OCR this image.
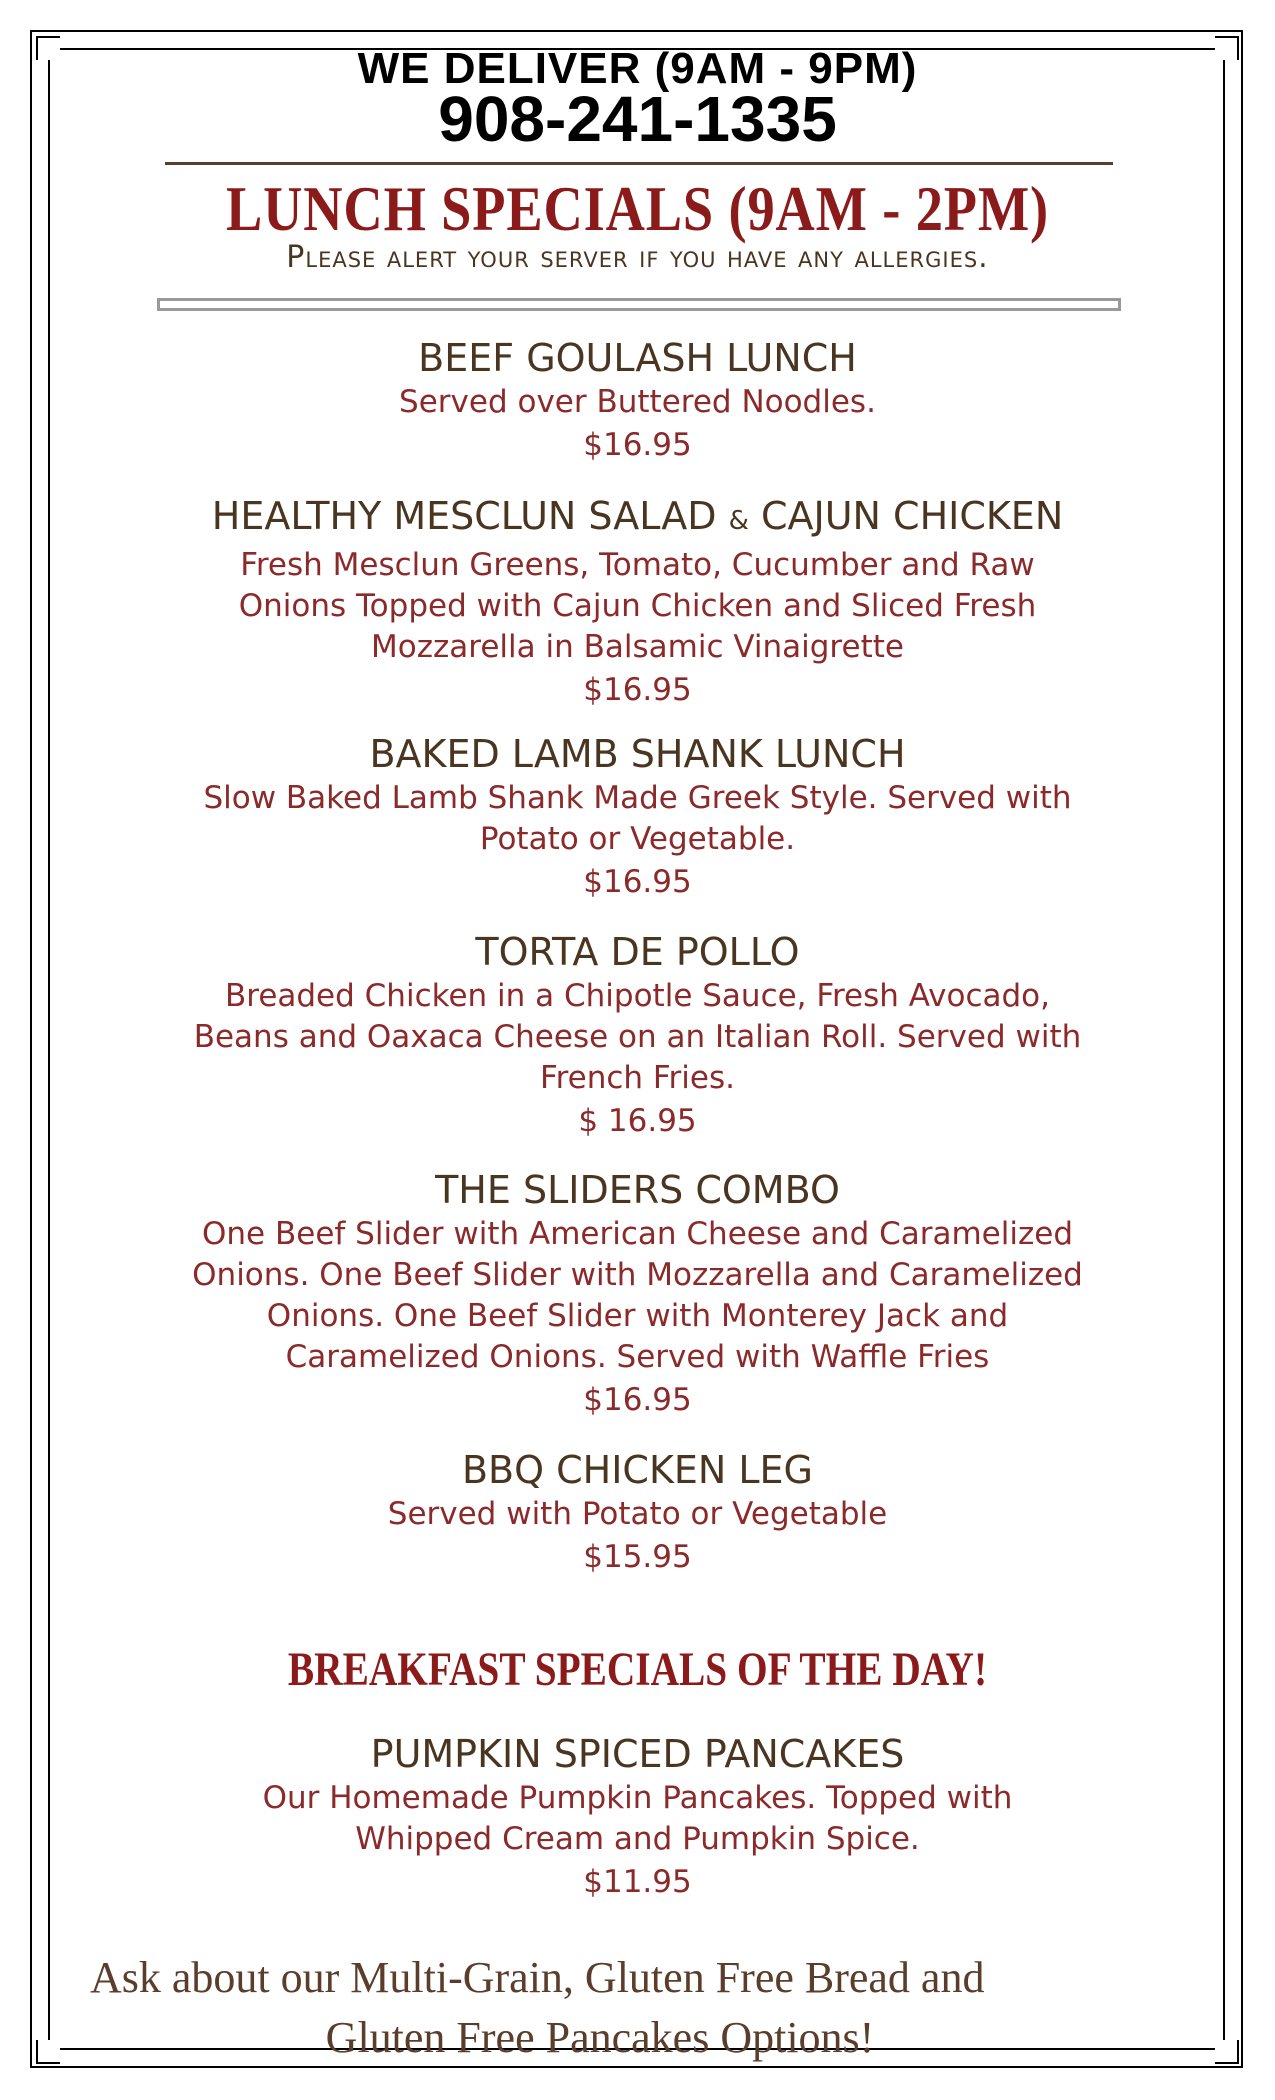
WE DELIVER (9AM - 9PM)
908-241-1335
LUNCH SPECIALS (9AM - 2PM)
Please alert your server if you have any allergies.
BEEF GOULASH LUNCH
Served over Buttered Noodles.
$16.95
HEALTHY MESCLUN SALAD & CAJUN CHICKEN
Fresh Mesclun Greens, Tomato, Cucumber and Raw
Onions Topped with Cajun Chicken and Sliced Fresh
Mozzarella in Balsamic Vinaigrette
$16.95
BAKED LAMB SHANK LUNCH
Slow Baked Lamb Shank Made Greek Style. Served with
Potato or Vegetable.
$16.95
TORTA DE POLLO
Breaded Chicken in a Chipotle Sauce, Fresh Avocado,
Beans and Oaxaca Cheese on an Italian Roll. Served with
French Fries.
$ 16.95
THE SLIDERS COMBO
One Beef Slider with American Cheese and Caramelized
Onions. One Beef Slider with Mozzarella and Caramelized
Onions. One Beef Slider with Monterey Jack and
Caramelized Onions. Served with Waffle Fries
$16.95
BBQ CHICKEN LEG
Served with Potato or Vegetable
$15.95
BREAKFAST SPECIALS OF THE DAY!
PUMPKIN SPICED PANCAKES
Our Homemade Pumpkin Pancakes. Topped with
Whipped Cream and Pumpkin Spice.
$11.95
Ask about our Multi-Grain, Gluten Free Bread and
Gluten Free Pancakes Options!
